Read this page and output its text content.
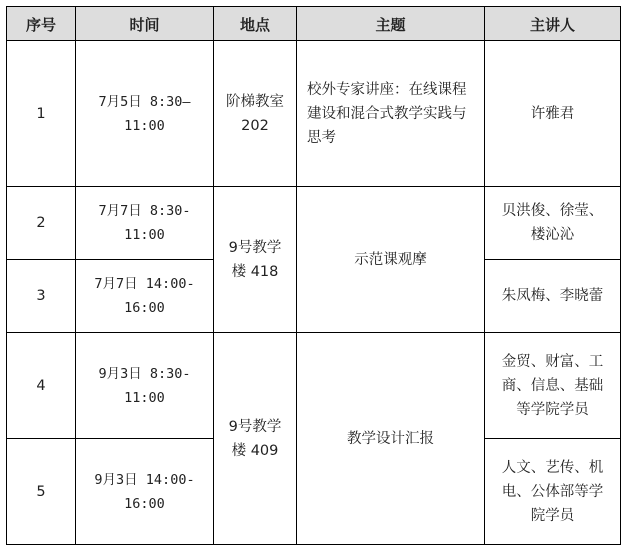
序号	时间	地点	主题	主讲人
1	7月5日 8:30—11:00	阶梯教室 202	校外专家讲座：在线课程建设和混合式教学实践与思考	许雅君
2	7月7日 8:30-11:00	9号教学楼 418	示范课观摩	贝洪俊、徐莹、楼沁沁
3	7月7日 14:00-16:00			朱凤梅、李晓蕾
4	9月3日 8:30-11:00	9号教学楼 409	教学设计汇报	金贸、财富、工商、信息、基础等学院学员
5	9月3日 14:00-16:00			人文、艺传、机电、公体部等学院学员
